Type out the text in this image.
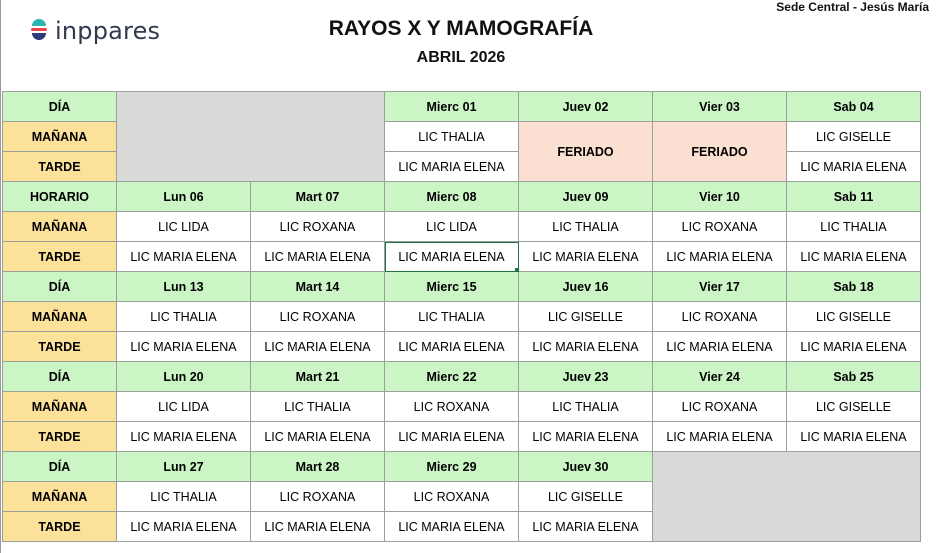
inppares
Sede Central - Jesús María
RAYOS X Y MAMOGRAFÍA
ABRIL 2026
DÍA			Mierc 01	Juev 02	Vier 03	Sab 04
MAÑANA			LIC THALIA	FERIADO	FERIADO	LIC GISELLE
TARDE			LIC MARIA ELENA			LIC MARIA ELENA
HORARIO	Lun 06	Mart 07	Mierc 08	Juev 09	Vier 10	Sab 11
MAÑANA	LIC LIDA	LIC ROXANA	LIC LIDA	LIC THALIA	LIC ROXANA	LIC THALIA
TARDE	LIC MARIA ELENA	LIC MARIA ELENA	LIC MARIA ELENA	LIC MARIA ELENA	LIC MARIA ELENA	LIC MARIA ELENA
DÍA	Lun 13	Mart 14	Mierc 15	Juev 16	Vier 17	Sab 18
MAÑANA	LIC THALIA	LIC ROXANA	LIC THALIA	LIC GISELLE	LIC ROXANA	LIC GISELLE
TARDE	LIC MARIA ELENA	LIC MARIA ELENA	LIC MARIA ELENA	LIC MARIA ELENA	LIC MARIA ELENA	LIC MARIA ELENA
DÍA	Lun 20	Mart 21	Mierc 22	Juev 23	Vier 24	Sab 25
MAÑANA	LIC LIDA	LIC THALIA	LIC ROXANA	LIC THALIA	LIC ROXANA	LIC GISELLE
TARDE	LIC MARIA ELENA	LIC MARIA ELENA	LIC MARIA ELENA	LIC MARIA ELENA	LIC MARIA ELENA	LIC MARIA ELENA
DÍA	Lun 27	Mart 28	Mierc 29	Juev 30		
MAÑANA	LIC THALIA	LIC ROXANA	LIC ROXANA	LIC GISELLE		
TARDE	LIC MARIA ELENA	LIC MARIA ELENA	LIC MARIA ELENA	LIC MARIA ELENA		
